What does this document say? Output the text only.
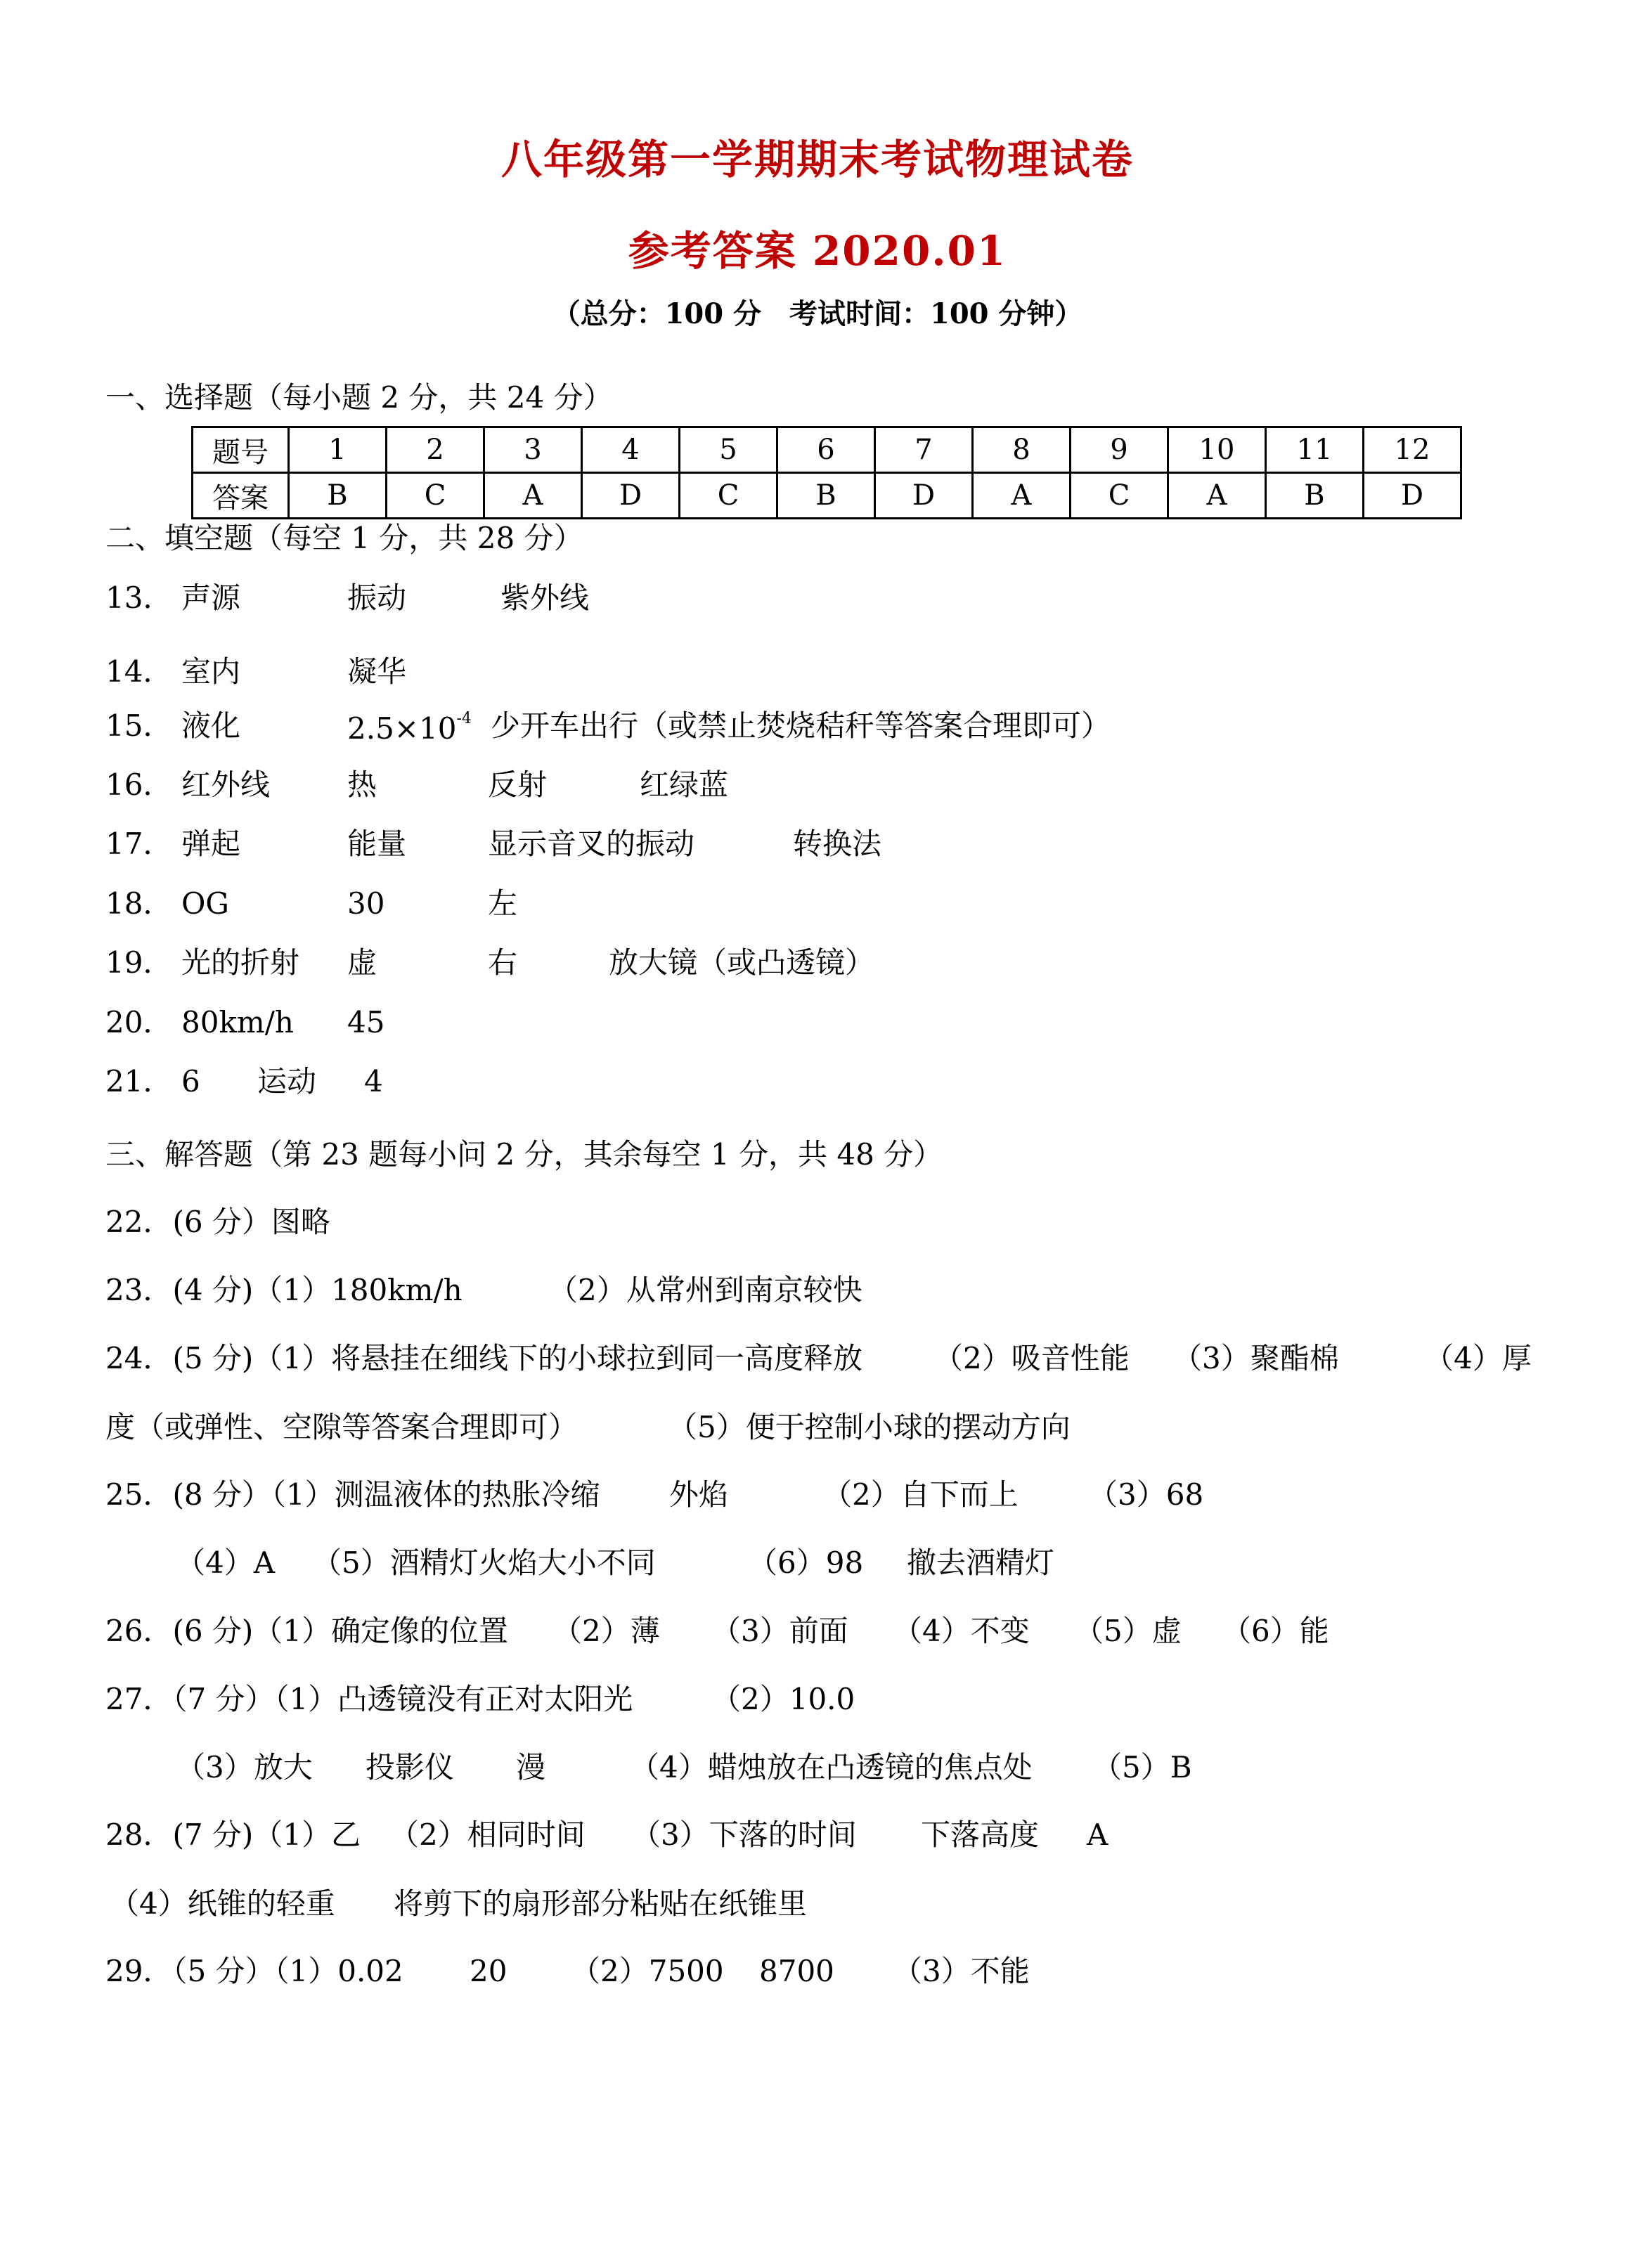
八年级第一学期期末考试物理试卷
参考答案 2020.01
（总分：100 分　考试时间：100 分钟）
一、选择题（每小题 2 分，共 24 分）
题号	1	2	3	4	5	6	7	8	9	10	11	12
答案	B	C	A	D	C	B	D	A	C	A	B	D
二、填空题（每空 1 分，共 28 分）
13． 声源	振动	紫外线
14． 室内	凝华
15． 液化	$2.5\times 10^{-4}$ 少开车出行（或禁止焚烧秸秆等答案合理即可）
16． 红外线	热	反射	红绿蓝
17． 弹起	能量	显示音叉的振动	转换法
18． OG	30	左
19． 光的折射 虚	右	放大镜（或凸透镜）
20． 80km/h 45
21． 6 运动 4
三、解答题（第 23 题每小问 2 分，其余每空 1 分，共 48 分）
22．(6 分）图略
23．(4 分)（1）180km/h	（2）从常州到南京较快
24．(5 分)（1）将悬挂在细线下的小球拉到同一高度释放 （2）吸音性能 （3）聚酯棉	（4）厚
度（或弹性、空隙等答案合理即可）	（5）便于控制小球的摆动方向
25．(8 分）（1）测温液体的热胀冷缩 外焰	（2）自下而上 （3）68
（4）A （5）酒精灯火焰大小不同	（6）98 撤去酒精灯
26．(6 分)（1）确定像的位置 （2）薄 （3）前面 （4）不变 （5）虚 （6）能
27．（7 分）（1）凸透镜没有正对太阳光	（2）10.0
（3）放大 投影仪 漫	（4）蜡烛放在凸透镜的焦点处 （5）B
28．(7 分)（1）乙 （2）相同时间 （3）下落的时间 下落高度 A
（4）纸锥的轻重 将剪下的扇形部分粘贴在纸锥里
29．（5 分）（1）0.02 20 （2）7500 8700 （3）不能
